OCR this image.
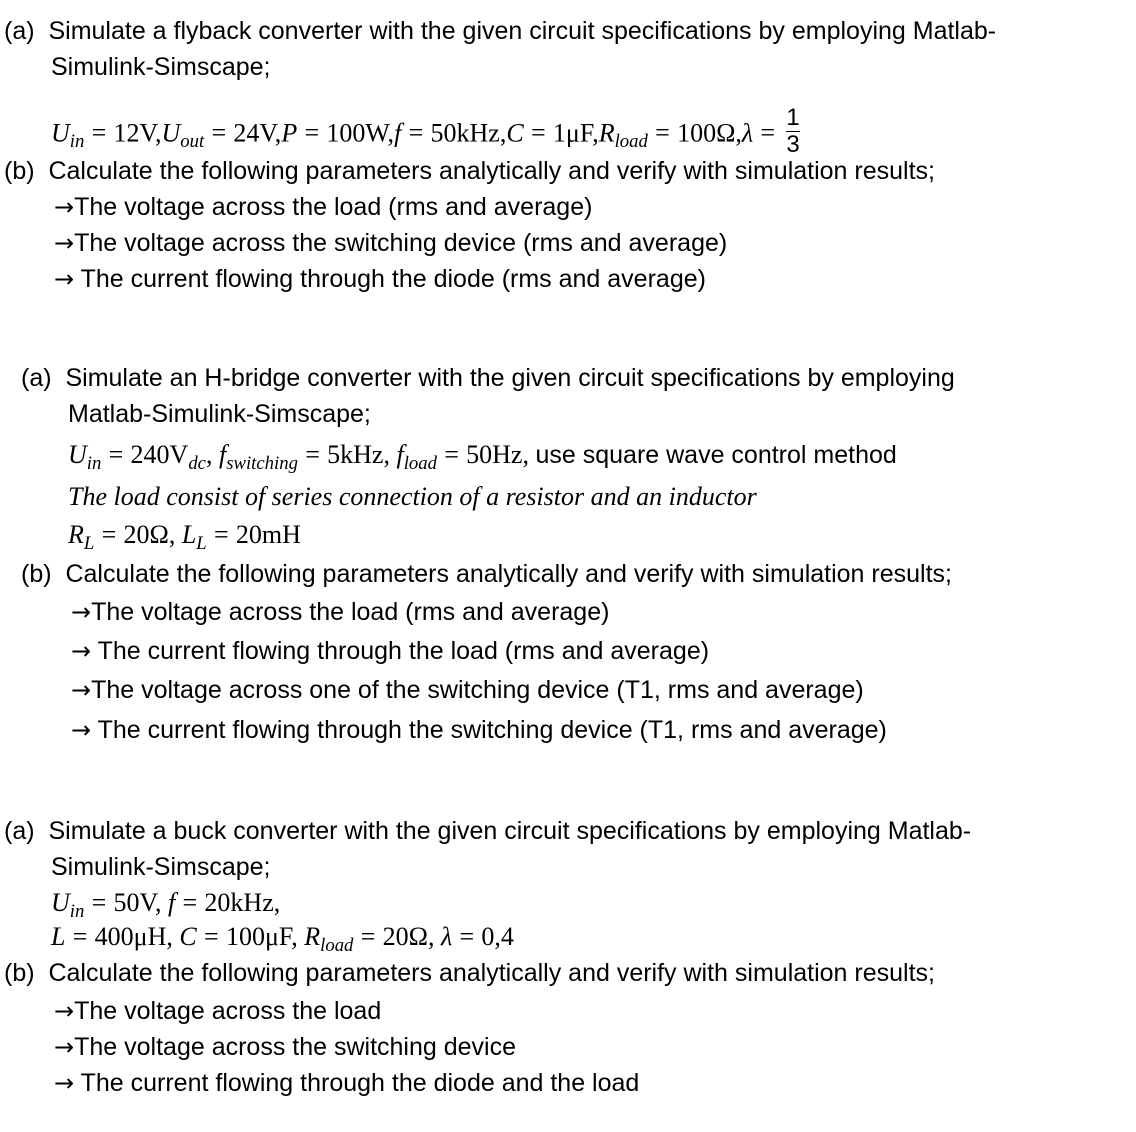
(a) Simulate a flyback converter with the given circuit specifications by employing Matlab-
Simulink-Simscape;
$U_{in} = 12V,U_{out} = 24V,P = 100W,f = 50kHz,C = 1\mu F,R_{load} = 100\Omega,\lambda = \frac{1}{3}$
(b) Calculate the following parameters analytically and verify with simulation results;
→The voltage across the load (rms and average)
→The voltage across the switching device (rms and average)
→ The current flowing through the diode (rms and average)
(a) Simulate an H-bridge converter with the given circuit specifications by employing
Matlab-Simulink-Simscape;
$U_{in} = 240V_{dc}$, $f_{switching} = 5kHz$, $f_{load} = 50Hz$, use square wave control method
The load consist of series connection of a resistor and an inductor
$R_L = 20\Omega$, $L_L = 20mH$
(b) Calculate the following parameters analytically and verify with simulation results;
→The voltage across the load (rms and average)
→ The current flowing through the load (rms and average)
→The voltage across one of the switching device (T1, rms and average)
→ The current flowing through the switching device (T1, rms and average)
(a) Simulate a buck converter with the given circuit specifications by employing Matlab-
Simulink-Simscape;
$U_{in} = 50V$, f = 20kHz,
L = 400μH, C = 100μF, $R_{load} = 20\Omega$, λ = 0,4
(b) Calculate the following parameters analytically and verify with simulation results;
→The voltage across the load
→The voltage across the switching device
→ The current flowing through the diode and the load
